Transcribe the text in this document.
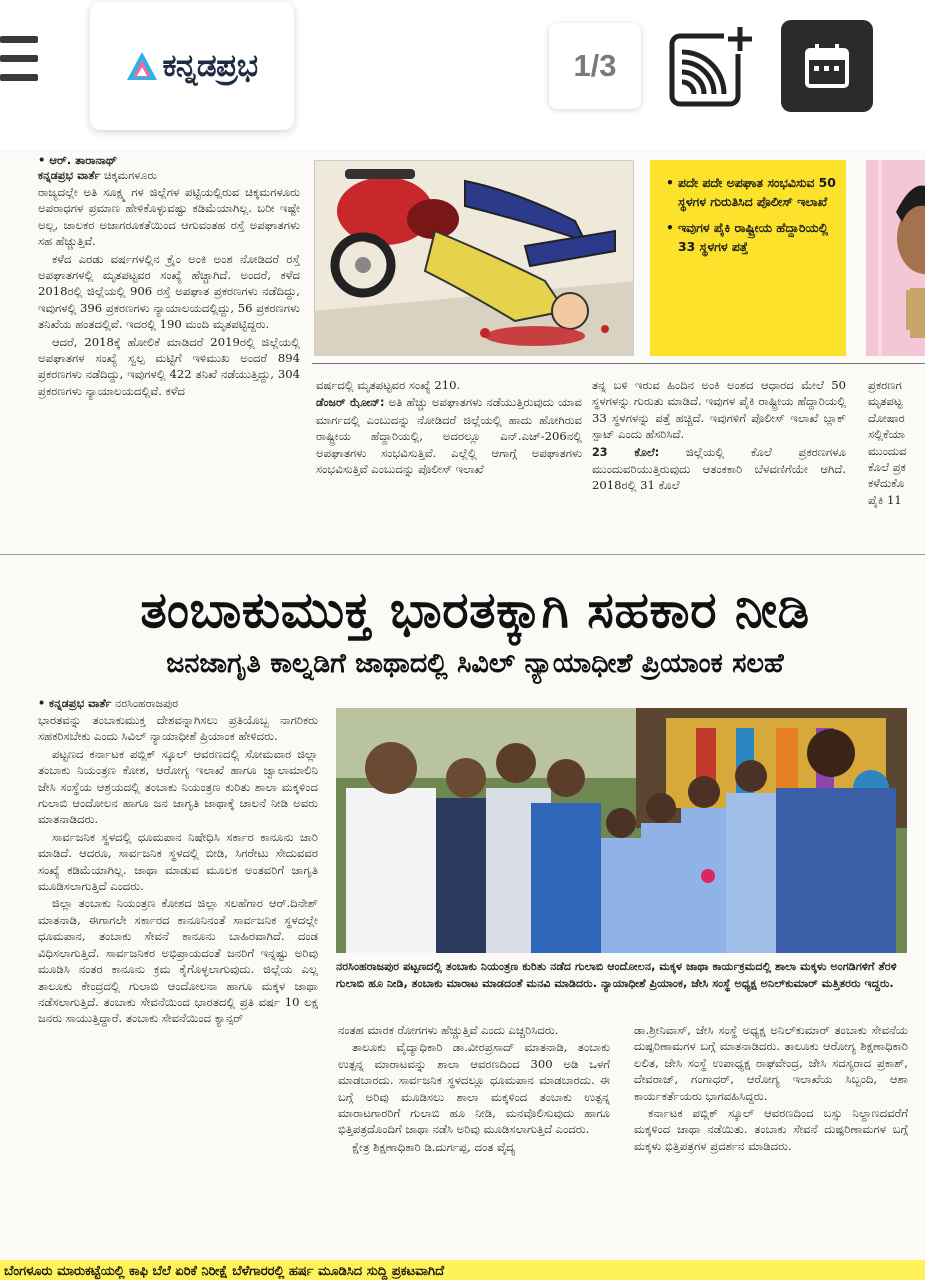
ಕನ್ನಡಪ್ರಭ	1/3
• ಆರ್. ತಾರಾನಾಥ್
ಕನ್ನಡಪ್ರಭ ವಾರ್ತೆ ಚಿಕ್ಕಮಗಳೂರು

ರಾಜ್ಯದಲ್ಲೇ ಅತಿ ಸೂಕ್ಷ್ಮ ಗಳ ಜಿಲ್ಲೆಗಳ ಪಟ್ಟಿಯಲ್ಲಿರುವ ಚಿಕ್ಕಮಗಳೂರು ಅಪರಾಧಗಳ ಪ್ರಮಾಣ ಹೇಳಿಕೊಳ್ಳುವಷ್ಟು ಕಡಿಮೆಯಾಗಿಲ್ಲ. ಬರೀ ಇಷ್ಟೇ ಅಲ್ಲ, ಚಾಲಕರ ಅಜಾಗರೂಕತೆಯಿಂದ ಆಗುವಂತಹ ರಸ್ತೆ ಅಪಘಾತಗಳು ಸಹ ಹೆಚ್ಚುತ್ತಿವೆ.

ಕಳೆದ ಎರಡು ವರ್ಷಗಳಲ್ಲಿನ ಕ್ರೈಂ ಅಂಕಿ ಅಂಶ ನೋಡಿದರೆ ರಸ್ತೆ ಅಪಘಾತಗಳಲ್ಲಿ ಮೃತಪಟ್ಟವರ ಸಂಖ್ಯೆ ಹೆಚ್ಚಾಗಿದೆ. ಅಂದರೆ, ಕಳೆದ 2018ರಲ್ಲಿ ಜಿಲ್ಲೆಯಲ್ಲಿ 906 ರಸ್ತೆ ಅಪಘಾತ ಪ್ರಕರಣಗಳು ನಡೆದಿದ್ದು, ಇವುಗಳಲ್ಲಿ 396 ಪ್ರಕರಣಗಳು ನ್ಯಾಯಾಲಯದಲ್ಲಿದ್ದು, 56 ಪ್ರಕರಣಗಳು ತನಿಖೆಯ ಹಂತದಲ್ಲಿವೆ. ಇದರಲ್ಲಿ 190 ಮಂದಿ ಮೃತಪಟ್ಟಿದ್ದರು.

ಆದರೆ, 2018ಕ್ಕೆ ಹೋಲಿಕೆ ಮಾಡಿದರೆ 2019ರಲ್ಲಿ ಜಿಲ್ಲೆಯಲ್ಲಿ ಅಪಘಾತಗಳ ಸಂಖ್ಯೆ ಸ್ವಲ್ಪ ಮಟ್ಟಿಗೆ ಇಳಿಮುಖ ಅಂದರೆ 894 ಪ್ರಕರಣಗಳು ನಡೆದಿದ್ದು, ಇವುಗಳಲ್ಲಿ 422 ತನಿಖೆ ನಡೆಯುತ್ತಿದ್ದು, 304 ಪ್ರಕರಣಗಳು ನ್ಯಾಯಾಲಯದಲ್ಲಿವೆ. ಕಳೆದ

• ಪದೇ ಪದೇ ಅಪಘಾತ ಸಂಭವಿಸುವ 50 ಸ್ಥಳಗಳ ಗುರುತಿಸಿದ ಪೊಲೀಸ್ ಇಲಾಖೆ
• ಇವುಗಳ ಪೈಕಿ ರಾಷ್ಟ್ರೀಯ ಹೆದ್ದಾರಿಯಲ್ಲಿ 33 ಸ್ಥಳಗಳ ಪತ್ತೆ

ವರ್ಷದಲ್ಲಿ ಮೃತಪಟ್ಟವರ ಸಂಖ್ಯೆ 210.

ಡೆಂಜರ್ ಝೋನ್: ಅತಿ ಹೆಚ್ಚು ಅಪಘಾತಗಳು ನಡೆಯುತ್ತಿರುವುದು ಯಾವ ಮಾರ್ಗದಲ್ಲಿ ಎಂಬುದನ್ನು ನೋಡಿದರೆ ಜಿಲ್ಲೆಯಲ್ಲಿ ಹಾದು ಹೋಗಿರುವ ರಾಷ್ಟ್ರೀಯ ಹೆದ್ದಾರಿಯಲ್ಲಿ, ಅದರಲ್ಲೂ ಎನ್.ಎಚ್-206ನಲ್ಲಿ ಅಪಘಾತಗಳು ಸಂಭವಿಸುತ್ತಿವೆ. ಎಲ್ಲೆಲ್ಲಿ ಆಗಾಗ್ಗೆ ಅಪಘಾತಗಳು ಸಂಭವಿಸುತ್ತಿವೆ ಎಂಬುದನ್ನು ಪೊಲೀಸ್ ಇಲಾಖೆ

ತನ್ನ ಬಳಿ ಇರುವ ಹಿಂದಿನ ಅಂಕಿ ಅಂಶದ ಆಧಾರದ ಮೇಲೆ 50 ಸ್ಥಳಗಳನ್ನು ಗುರುತು ಮಾಡಿದೆ. ಇವುಗಳ ಪೈಕಿ ರಾಷ್ಟ್ರೀಯ ಹೆದ್ದಾರಿಯಲ್ಲಿ 33 ಸ್ಥಳಗಳನ್ನು ಪತ್ತೆ ಹಚ್ಚಿದೆ. ಇವುಗಳಿಗೆ ಪೊಲೀಸ್ ಇಲಾಖೆ ಬ್ಲಾಕ್ ಸ್ಪಾಟ್ ಎಂದು ಹೆಸರಿಸಿದೆ.

23 ಕೊಲೆ: ಜಿಲ್ಲೆಯಲ್ಲಿ ಕೊಲೆ ಪ್ರಕರಣಗಳೂ ಮುಂದುವರಿಯುತ್ತಿರುವುದು ಆತಂಕಕಾರಿ ಬೆಳವಣಿಗೆಯೇ ಆಗಿದೆ. 2018ರಲ್ಲಿ 31 ಕೊಲೆ

ಪ್ರಕರಣಗ
ಮೃತಪಟ್ಟ
ದೋಷಾರ
ಸಲ್ಲಿಕೆಯಾ
ಮುಂದುವ
ಕೊಲೆ ಪ್ರಕ
ಕಳೆದುಕೊ
ಪೈಕಿ 11
ತಂಬಾಕುಮುಕ್ತ ಭಾರತಕ್ಕಾಗಿ ಸಹಕಾರ ನೀಡಿ
ಜನಜಾಗೃತಿ ಕಾಲ್ನಡಿಗೆ ಜಾಥಾದಲ್ಲಿ ಸಿವಿಲ್ ನ್ಯಾಯಾಧೀಶೆ ಪ್ರಿಯಾಂಕ ಸಲಹೆ
• ಕನ್ನಡಪ್ರಭ ವಾರ್ತೆ ನರಸಿಂಹರಾಜಪುರ

ಭಾರತವನ್ನು ತಂಬಾಕುಮುಕ್ತ ದೇಶವನ್ನಾಗಿಸಲು ಪ್ರತಿಯೊಬ್ಬ ನಾಗರಿಕರು ಸಹಕರಿಸಬೇಕು ಎಂದು ಸಿವಿಲ್ ನ್ಯಾಯಾಧೀಶೆ ಪ್ರಿಯಾಂಕ ಹೇಳಿದರು.

ಪಟ್ಟಣದ ಕರ್ನಾಟಕ ಪಬ್ಲಿಕ್ ಸ್ಕೂಲ್ ಆವರಣದಲ್ಲಿ ಸೋಮವಾರ ಜಿಲ್ಲಾ ತಂಬಾಕು ನಿಯಂತ್ರಣ ಕೋಶ, ಆರೋಗ್ಯ ಇಲಾಖೆ ಹಾಗೂ ಜ್ವಾಲಾಮಾಲಿನಿ ಜೇಸಿ ಸಂಸ್ಥೆಯ ಆಶ್ರಯದಲ್ಲಿ ತಂಬಾಕು ನಿಯಂತ್ರಣ ಕುರಿತು ಶಾಲಾ ಮಕ್ಕಳಿಂದ ಗುಲಾಬಿ ಆಂದೋಲನ ಹಾಗೂ ಜನ ಜಾಗೃತಿ ಜಾಥಾಕ್ಕೆ ಚಾಲನೆ ನೀಡಿ ಅವರು ಮಾತನಾಡಿದರು.

ಸಾರ್ವಜನಿಕ ಸ್ಥಳದಲ್ಲಿ ಧೂಮಪಾನ ನಿಷೇಧಿಸಿ ಸರ್ಕಾರ ಕಾನೂನು ಜಾರಿ ಮಾಡಿದೆ. ಆದರೂ, ಸಾರ್ವಜನಿಕ ಸ್ಥಳದಲ್ಲಿ ಬೀಡಿ, ಸಿಗರೇಟು ಸೇದುವವರ ಸಂಖ್ಯೆ ಕಡಿಮೆಯಾಗಿಲ್ಲ. ಜಾಥಾ ಮಾಡುವ ಮೂಲಕ ಅಂತವರಿಗೆ ಜಾಗೃತಿ ಮೂಡಿಸಲಾಗುತ್ತಿದೆ ಎಂದರು.

ಜಿಲ್ಲಾ ತಂಬಾಕು ನಿಯಂತ್ರಣ ಕೋಶದ ಜಿಲ್ಲಾ ಸಲಹೆಗಾರ ಆರ್.ದಿನೇಶ್ ಮಾತನಾಡಿ, ಈಗಾಗಲೇ ಸರ್ಕಾರದ ಕಾನೂನಿನಂತೆ ಸಾರ್ವಜನಿಕ ಸ್ಥಳದಲ್ಲೇ ಧೂಮಪಾನ, ತಂಬಾಕು ಸೇವನೆ ಕಾನೂನು ಬಾಹಿರವಾಗಿದೆ. ದಂಡ ವಿಧಿಸಲಾಗುತ್ತಿದೆ. ಸಾರ್ವಜನಿಕರ ಅಭಿಪ್ರಾಯದಂತೆ ಜನರಿಗೆ ಇನ್ನಷ್ಟು ಅರಿವು ಮೂಡಿಸಿ ನಂತರ ಕಾನೂನು ಕ್ರಮ ಕೈಗೊಳ್ಳಲಾಗುವುದು. ಜಿಲ್ಲೆಯ ಎಲ್ಲ ತಾಲೂಕು ಕೇಂದ್ರದಲ್ಲಿ ಗುಲಾಬಿ ಆಂದೋಲನಾ ಹಾಗೂ ಮಕ್ಕಳ ಜಾಥಾ ನಡೆಸಲಾಗುತ್ತಿದೆ. ತಂಬಾಕು ಸೇವನೆಯಿಂದ ಭಾರತದಲ್ಲಿ ಪ್ರತಿ ವರ್ಷ 10 ಲಕ್ಷ ಜನರು ಸಾಯುತ್ತಿದ್ದಾರೆ. ತಂಬಾಕು ಸೇವನೆಯಿಂದ ಕ್ಯಾನ್ಸರ್

ನರಸಿಂಹರಾಜಪುರ ಪಟ್ಟಣದಲ್ಲಿ ತಂಬಾಕು ನಿಯಂತ್ರಣ ಕುರಿತು ನಡೆದ ಗುಲಾಬಿ ಆಂದೋಲನ, ಮಕ್ಕಳ ಜಾಥಾ ಕಾರ್ಯಕ್ರಮದಲ್ಲಿ ಶಾಲಾ ಮಕ್ಕಳು ಅಂಗಡಿಗಳಿಗೆ ತೆರಳಿ ಗುಲಾಬಿ ಹೂ ನೀಡಿ, ತಂಬಾಕು ಮಾರಾಟ ಮಾಡದಂತೆ ಮನವಿ ಮಾಡಿದರು. ನ್ಯಾಯಾಧೀಶೆ ಪ್ರಿಯಾಂಕ, ಜೇಸಿ ಸಂಸ್ಥೆ ಅಧ್ಯಕ್ಷ ಅನಿಲ್‌ಕುಮಾರ್ ಮತ್ತಿತರರು ಇದ್ದರು.

ನಂತಹ ಮಾರಕ ರೋಗಗಳು ಹೆಚ್ಚುತ್ತಿವೆ ಎಂದು ಎಚ್ಚರಿಸಿದರು.

ತಾಲೂಕು ವೈದ್ಯಾಧಿಕಾರಿ ಡಾ.ವೀರಪ್ರಸಾದ್ ಮಾತನಾಡಿ, ತಂಬಾಕು ಉತ್ಪನ್ನ ಮಾರಾಟವನ್ನು ಶಾಲಾ ಆವರಣದಿಂದ 300 ಅಡಿ ಒಳಗೆ ಮಾಡಬಾರದು. ಸಾರ್ವಜನಿಕ ಸ್ಥಳದಲ್ಲೂ ಧೂಮಪಾನ ಮಾಡಬಾರದು. ಈ ಬಗ್ಗೆ ಅರಿವು ಮೂಡಿಸಲು ಶಾಲಾ ಮಕ್ಕಳಿಂದ ತಂಬಾಕು ಉತ್ಪನ್ನ ಮಾರಾಟಗಾರರಿಗೆ ಗುಲಾಬಿ ಹೂ ನೀಡಿ, ಮನವೊಲಿಸುವುದು ಹಾಗೂ ಭಿತ್ತಿಪತ್ರದೊಂದಿಗೆ ಜಾಥಾ ನಡೆಸಿ ಅರಿವು ಮೂಡಿಸಲಾಗುತ್ತಿದೆ ಎಂದರು.

ಕ್ಷೇತ್ರ ಶಿಕ್ಷಣಾಧಿಕಾರಿ ಡಿ.ದುರ್ಗಪ್ಪ, ದಂತ ವೈದ್ಯ

ಡಾ.ಶ್ರೀನಿವಾಸ್, ಜೇಸಿ ಸಂಸ್ಥೆ ಅಧ್ಯಕ್ಷ ಅನಿಲ್‌ಕುಮಾರ್ ತಂಬಾಕು ಸೇವನೆಯ ದುಷ್ಪರಿಣಾಮಗಳ ಬಗ್ಗೆ ಮಾತನಾಡಿದರು. ತಾಲೂಕು ಆರೋಗ್ಯ ಶಿಕ್ಷಣಾಧಿಕಾರಿ ಲಲಿತ, ಜೇಸಿ ಸಂಸ್ಥೆ ಉಪಾಧ್ಯಕ್ಷ ರಾಘವೇಂದ್ರ, ಜೇಸಿ ಸದಸ್ಯರಾದ ಪ್ರಕಾಶ್, ದೇವರಾಜ್, ಗಂಗಾಧರ್, ಆರೋಗ್ಯ ಇಲಾಖೆಯ ಸಿಬ್ಬಂದಿ, ಆಶಾ ಕಾರ್ಯಕರ್ತೆಯರು ಭಾಗವಹಿಸಿದ್ದರು.

ಕರ್ನಾಟಕ ಪಬ್ಲಿಕ್ ಸ್ಕೂಲ್ ಆವರಣದಿಂದ ಬಸ್ಸು ನಿಲ್ದಾಣದವರೆಗೆ ಮಕ್ಕಳಿಂದ ಜಾಥಾ ನಡೆಯಿತು. ತಂಬಾಕು ಸೇವನೆ ದುಷ್ಪರಿಣಾಮಗಳ ಬಗ್ಗೆ ಮಕ್ಕಳು ಭಿತ್ತಿಪತ್ರಗಳ ಪ್ರದರ್ಶನ ಮಾಡಿದರು.

ಬೆಂಗಳೂರು ಮಾರುಕಟ್ಟೆಯಲ್ಲಿ ಕಾಫಿ ಬೆಲೆ ಏರಿಕೆ ನಿರೀಕ್ಷೆ ಬೆಳೆಗಾರರಲ್ಲಿ ಹರ್ಷ ಮೂಡಿಸಿದ ಸುದ್ದಿ ಪ್ರಕಟವಾಗಿದೆ
